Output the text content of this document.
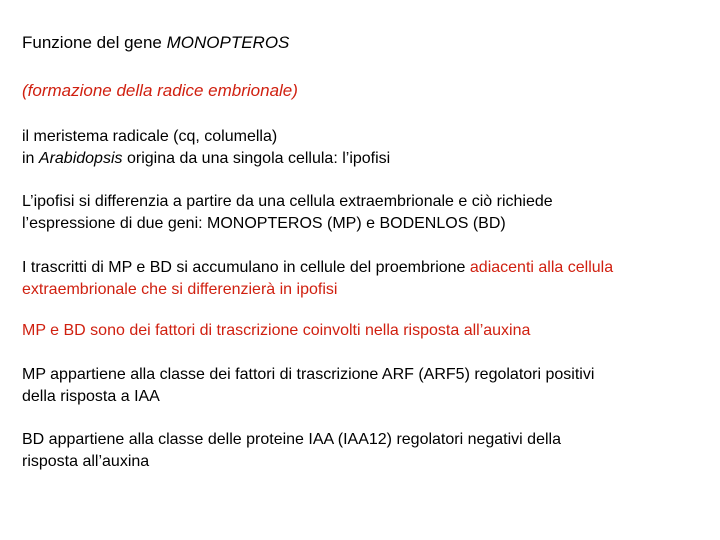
Funzione del gene MONOPTEROS
(formazione della radice embrionale)
il meristema radicale (cq, columella)
in Arabidopsis origina da una singola cellula: l’ipofisi
L’ipofisi si differenzia a partire da una cellula extraembrionale e ciò richiede
l’espressione di due geni: MONOPTEROS (MP) e BODENLOS (BD)
I trascritti di MP e BD si accumulano in cellule del proembrione adiacenti alla cellula
extraembrionale che si differenzierà in ipofisi
MP e BD sono dei fattori di trascrizione coinvolti nella risposta all’auxina
MP appartiene alla classe dei fattori di trascrizione ARF (ARF5) regolatori positivi
della risposta a IAA
BD appartiene alla classe delle proteine IAA (IAA12) regolatori negativi della
risposta all’auxina
